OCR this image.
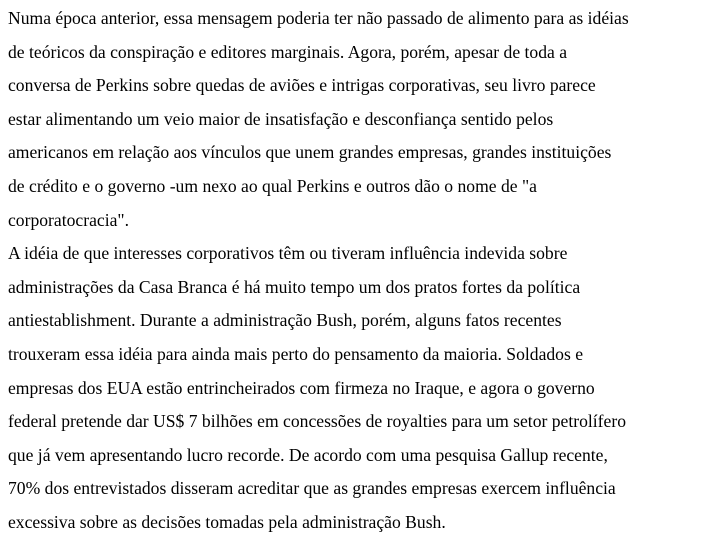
Numa época anterior, essa mensagem poderia ter não passado de alimento para as idéias
de teóricos da conspiração e editores marginais. Agora, porém, apesar de toda a
conversa de Perkins sobre quedas de aviões e intrigas corporativas, seu livro parece
estar alimentando um veio maior de insatisfação e desconfiança sentido pelos
americanos em relação aos vínculos que unem grandes empresas, grandes instituições
de crédito e o governo -um nexo ao qual Perkins e outros dão o nome de "a
corporatocracia".
A idéia de que interesses corporativos têm ou tiveram influência indevida sobre
administrações da Casa Branca é há muito tempo um dos pratos fortes da política
antiestablishment. Durante a administração Bush, porém, alguns fatos recentes
trouxeram essa idéia para ainda mais perto do pensamento da maioria. Soldados e
empresas dos EUA estão entrincheirados com firmeza no Iraque, e agora o governo
federal pretende dar US$ 7 bilhões em concessões de royalties para um setor petrolífero
que já vem apresentando lucro recorde. De acordo com uma pesquisa Gallup recente,
70% dos entrevistados disseram acreditar que as grandes empresas exercem influência
excessiva sobre as decisões tomadas pela administração Bush.
